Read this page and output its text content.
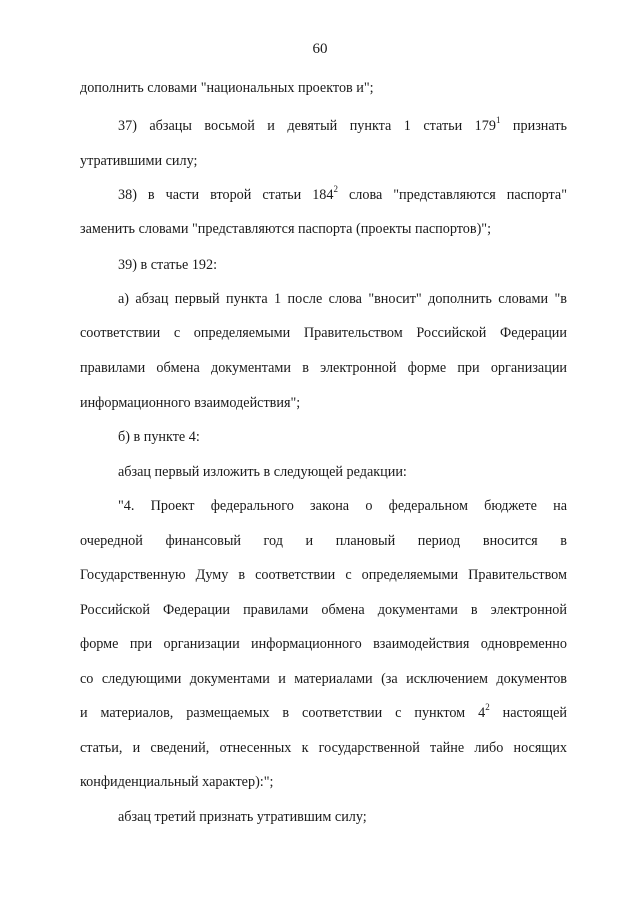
60
дополнить словами "национальных проектов и";
37) абзацы восьмой и девятый пункта 1 статьи $179^1$ признать
утратившими силу;
38) в части второй статьи $184^2$ слова "представляются паспорта"
заменить словами "представляются паспорта (проекты паспортов)";
39) в статье 192:
а) абзац первый пункта 1 после слова "вносит" дополнить словами "в
соответствии с определяемыми Правительством Российской Федерации
правилами обмена документами в электронной форме при организации
информационного взаимодействия";
б) в пункте 4:
абзац первый изложить в следующей редакции:
"4. Проект федерального закона о федеральном бюджете на
очередной финансовый год и плановый период вносится в
Государственную Думу в соответствии с определяемыми Правительством
Российской Федерации правилами обмена документами в электронной
форме при организации информационного взаимодействия одновременно
со следующими документами и материалами (за исключением документов
и материалов, размещаемых в соответствии с пунктом $4^2$ настоящей
статьи, и сведений, отнесенных к государственной тайне либо носящих
конфиденциальный характер):";
абзац третий признать утратившим силу;
